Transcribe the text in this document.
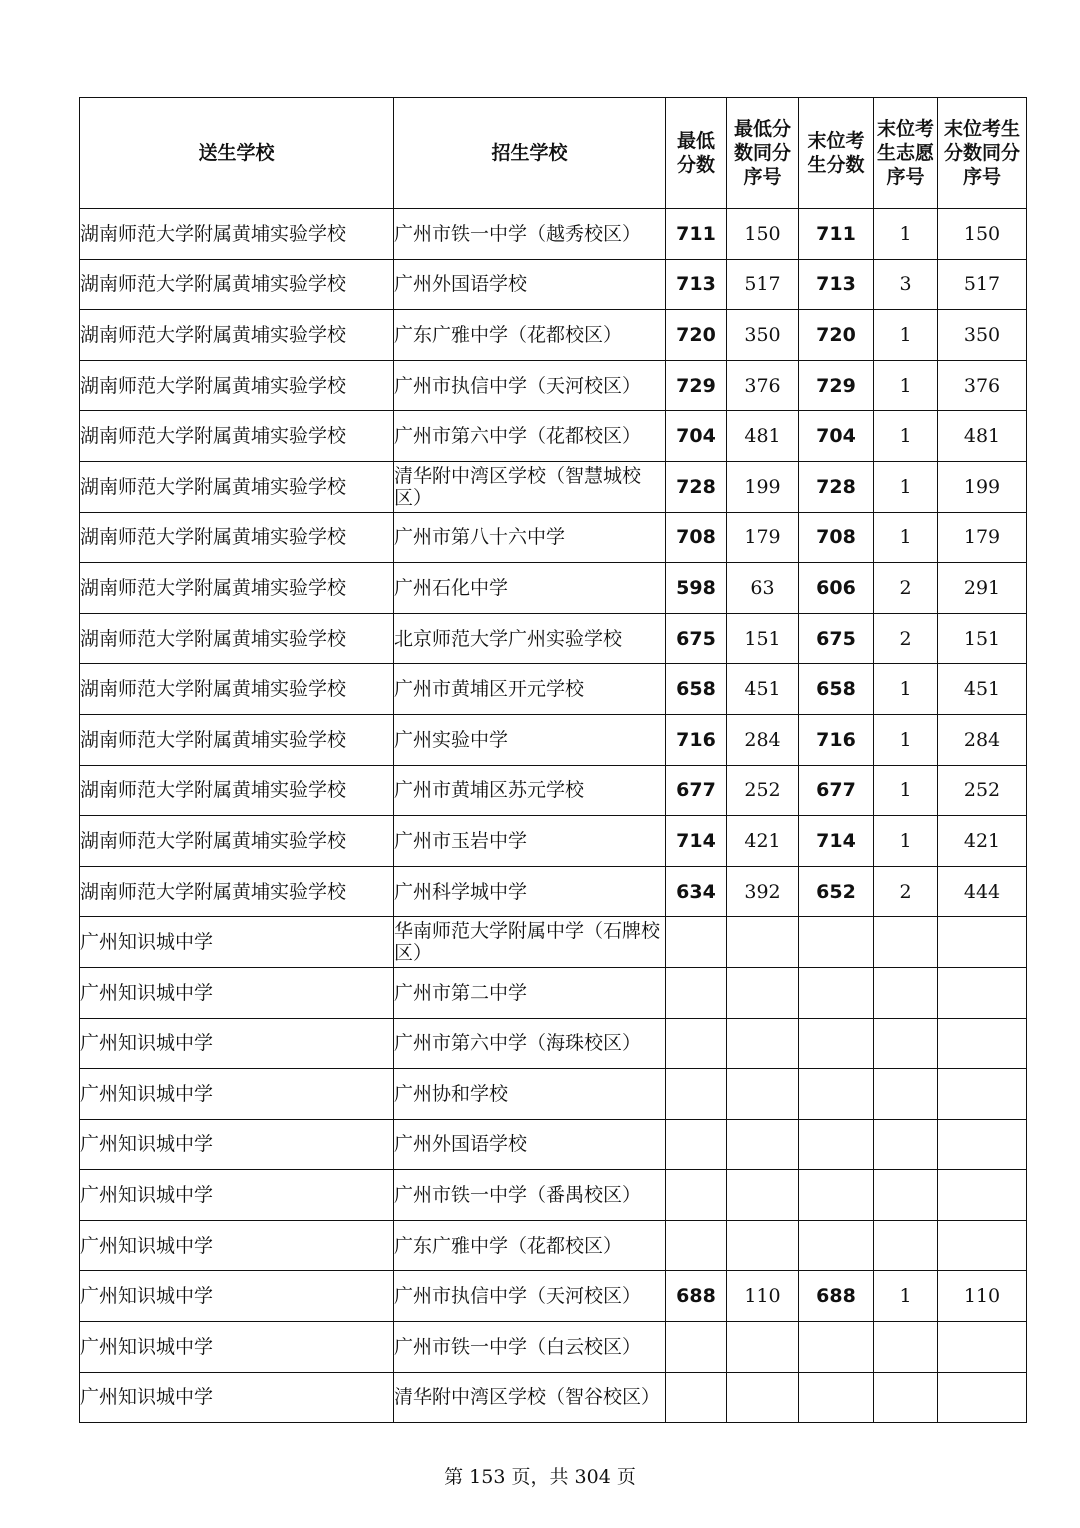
送生学校	招生学校	最低分数	最低分数同分序号	末位考生分数	末位考生志愿序号	末位考生分数同分序号
湖南师范大学附属黄埔实验学校	广州市铁一中学（越秀校区）	711	150	711	1	150
湖南师范大学附属黄埔实验学校	广州外国语学校	713	517	713	3	517
湖南师范大学附属黄埔实验学校	广东广雅中学（花都校区）	720	350	720	1	350
湖南师范大学附属黄埔实验学校	广州市执信中学（天河校区）	729	376	729	1	376
湖南师范大学附属黄埔实验学校	广州市第六中学（花都校区）	704	481	704	1	481
湖南师范大学附属黄埔实验学校	清华附中湾区学校（智慧城校区）	728	199	728	1	199
湖南师范大学附属黄埔实验学校	广州市第八十六中学	708	179	708	1	179
湖南师范大学附属黄埔实验学校	广州石化中学	598	63	606	2	291
湖南师范大学附属黄埔实验学校	北京师范大学广州实验学校	675	151	675	2	151
湖南师范大学附属黄埔实验学校	广州市黄埔区开元学校	658	451	658	1	451
湖南师范大学附属黄埔实验学校	广州实验中学	716	284	716	1	284
湖南师范大学附属黄埔实验学校	广州市黄埔区苏元学校	677	252	677	1	252
湖南师范大学附属黄埔实验学校	广州市玉岩中学	714	421	714	1	421
湖南师范大学附属黄埔实验学校	广州科学城中学	634	392	652	2	444
广州知识城中学	华南师范大学附属中学（石牌校区）					
广州知识城中学	广州市第二中学					
广州知识城中学	广州市第六中学（海珠校区）					
广州知识城中学	广州协和学校					
广州知识城中学	广州外国语学校					
广州知识城中学	广州市铁一中学（番禺校区）					
广州知识城中学	广东广雅中学（花都校区）					
广州知识城中学	广州市执信中学（天河校区）	688	110	688	1	110
广州知识城中学	广州市铁一中学（白云校区）					
广州知识城中学	清华附中湾区学校（智谷校区）					
第 153 页，共 304 页
